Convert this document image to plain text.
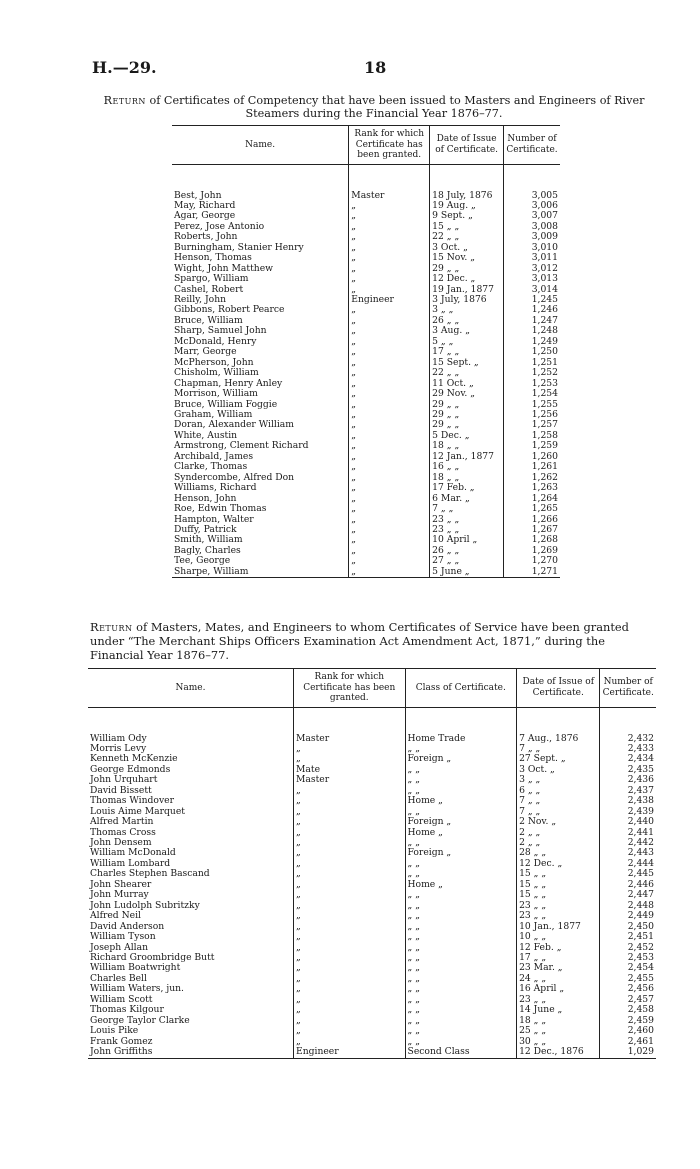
H.—29.	18
Return of Certificates of Competency that have been issued to Masters and Engineers of River Steamers during the Financial Year 1876–77.
Name.	Rank for which Certificate has been granted.	Date of Issue of Certificate.	Number of Certificate.

Best, John	Master	18 July, 1876	3,005
May, Richard	„	19 Aug. „	3,006
Agar, George	„	9 Sept. „	3,007
Perez, Jose Antonio	„	15 „ „	3,008
Roberts, John	„	22 „ „	3,009
Burningham, Stanier Henry	„	3 Oct. „	3,010
Henson, Thomas	„	15 Nov. „	3,011
Wight, John Matthew	„	29 „ „	3,012
Spargo, William	„	12 Dec. „	3,013
Cashel, Robert	„	19 Jan., 1877	3,014
Reilly, John	Engineer	3 July, 1876	1,245
Gibbons, Robert Pearce	„	3 „ „	1,246
Bruce, William	„	26 „ „	1,247
Sharp, Samuel John	„	3 Aug. „	1,248
McDonald, Henry	„	5 „ „	1,249
Marr, George	„	17 „ „	1,250
McPherson, John	„	15 Sept. „	1,251
Chisholm, William	„	22 „ „	1,252
Chapman, Henry Anley	„	11 Oct. „	1,253
Morrison, William	„	29 Nov. „	1,254
Bruce, William Foggie	„	29 „ „	1,255
Graham, William	„	29 „ „	1,256
Doran, Alexander William	„	29 „ „	1,257
White, Austin	„	5 Dec. „	1,258
Armstrong, Clement Richard	„	18 „ „	1,259
Archibald, James	„	12 Jan., 1877	1,260
Clarke, Thomas	„	16 „ „	1,261
Syndercombe, Alfred Don	„	18 „ „	1,262
Williams, Richard	„	17 Feb. „	1,263
Henson, John	„	6 Mar. „	1,264
Roe, Edwin Thomas	„	7 „ „	1,265
Hampton, Walter	„	23 „ „	1,266
Duffy, Patrick	„	23 „ „	1,267
Smith, William	„	10 April „	1,268
Bagly, Charles	„	26 „ „	1,269
Tee, George	„	27 „ „	1,270
Sharpe, William	„	5 June „	1,271
Return of Masters, Mates, and Engineers to whom Certificates of Service have been granted under “The Merchant Ships Officers Examination Act Amendment Act, 1871,” during the Financial Year 1876–77.
Name.	Rank for which Certificate has been granted.	Class of Certificate.	Date of Issue of Certificate.	Number of Certificate.

William Ody	Master	Home Trade	7 Aug., 1876	2,432
Morris Levy	„	„ „	7 „ „	2,433
Kenneth McKenzie	„	Foreign „	27 Sept. „	2,434
George Edmonds	Mate	„ „	3 Oct. „	2,435
John Urquhart	Master	„ „	3 „ „	2,436
David Bissett	„	„ „	6 „ „	2,437
Thomas Windover	„	Home „	7 „ „	2,438
Louis Aime Marquet	„	„ „	7 „ „	2,439
Alfred Martin	„	Foreign „	2 Nov. „	2,440
Thomas Cross	„	Home „	2 „ „	2,441
John Densem	„	„ „	2 „ „	2,442
William McDonald	„	Foreign „	28 „ „	2,443
William Lombard	„	„ „	12 Dec. „	2,444
Charles Stephen Bascand	„	„ „	15 „ „	2,445
John Shearer	„	Home „	15 „ „	2,446
John Murray	„	„ „	15 „ „	2,447
John Ludolph Subritzky	„	„ „	23 „ „	2,448
Alfred Neil	„	„ „	23 „ „	2,449
David Anderson	„	„ „	10 Jan., 1877	2,450
William Tyson	„	„ „	10 „ „	2,451
Joseph Allan	„	„ „	12 Feb. „	2,452
Richard Groombridge Butt	„	„ „	17 „ „	2,453
William Boatwright	„	„ „	23 Mar. „	2,454
Charles Bell	„	„ „	24 „ „	2,455
William Waters, jun.	„	„ „	16 April „	2,456
William Scott	„	„ „	23 „ „	2,457
Thomas Kilgour	„	„ „	14 June „	2,458
George Taylor Clarke	„	„ „	18 „ „	2,459
Louis Pike	„	„ „	25 „ „	2,460
Frank Gomez	„	„ „	30 „ „	2,461
John Griffiths	Engineer	Second Class	12 Dec., 1876	1,029
